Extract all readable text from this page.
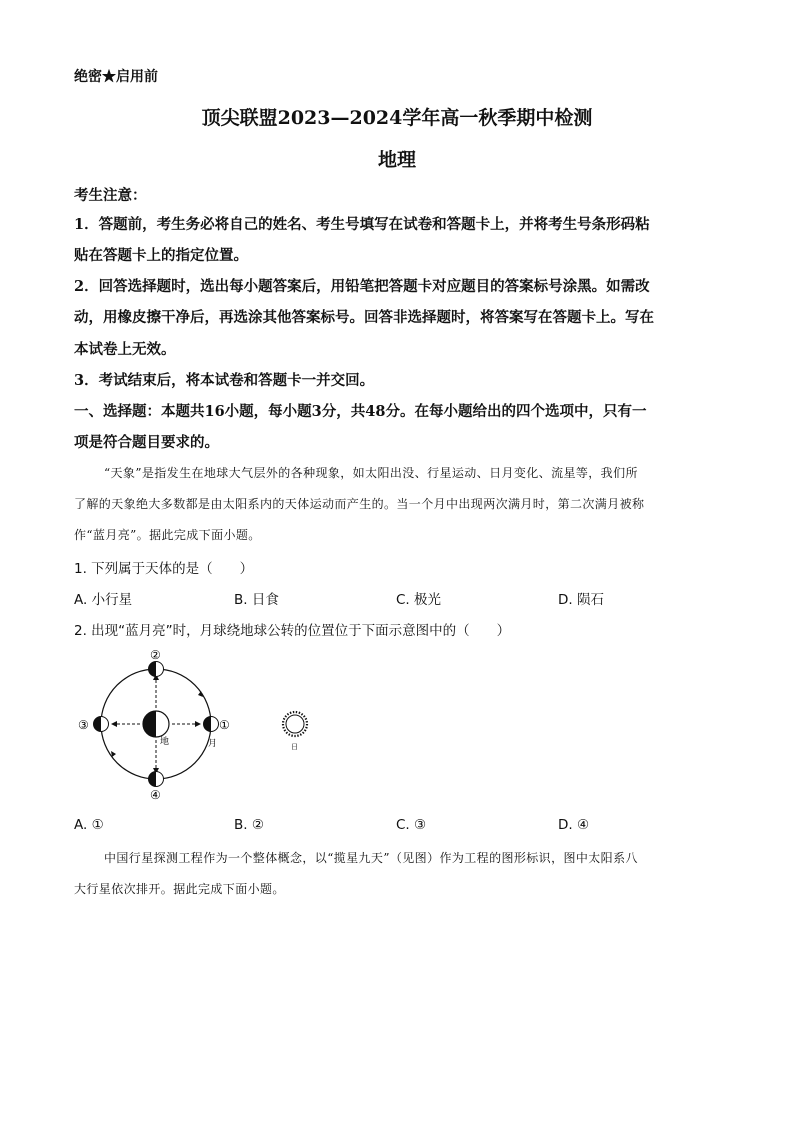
绝密★启用前
顶尖联盟2023—2024学年高一秋季期中检测
地理
考生注意：
1．答题前，考生务必将自己的姓名、考生号填写在试卷和答题卡上，并将考生号条形码粘
贴在答题卡上的指定位置。
2．回答选择题时，选出每小题答案后，用铅笔把答题卡对应题目的答案标号涂黑。如需改
动，用橡皮擦干净后，再选涂其他答案标号。回答非选择题时，将答案写在答题卡上。写在
本试卷上无效。
3．考试结束后，将本试卷和答题卡一并交回。
一、选择题：本题共16小题，每小题3分，共48分。在每小题给出的四个选项中，只有一
项是符合题目要求的。
“天象”是指发生在地球大气层外的各种现象，如太阳出没、行星运动、日月变化、流星等，我们所
了解的天象绝大多数都是由太阳系内的天体运动而产生的。当一个月中出现两次满月时，第二次满月被称
作“蓝月亮”。据此完成下面小题。
1. 下列属于天体的是（　　）
A. 小行星	B. 日食	C. 极光	D. 陨石
2. 出现“蓝月亮”时，月球绕地球公转的位置位于下面示意图中的（　　）
地
①
②
③
④
月	日
A. ①	B. ②	C. ③	D. ④
中国行星探测工程作为一个整体概念，以“揽星九天”（见图）作为工程的图形标识，图中太阳系八
大行星依次排开。据此完成下面小题。
